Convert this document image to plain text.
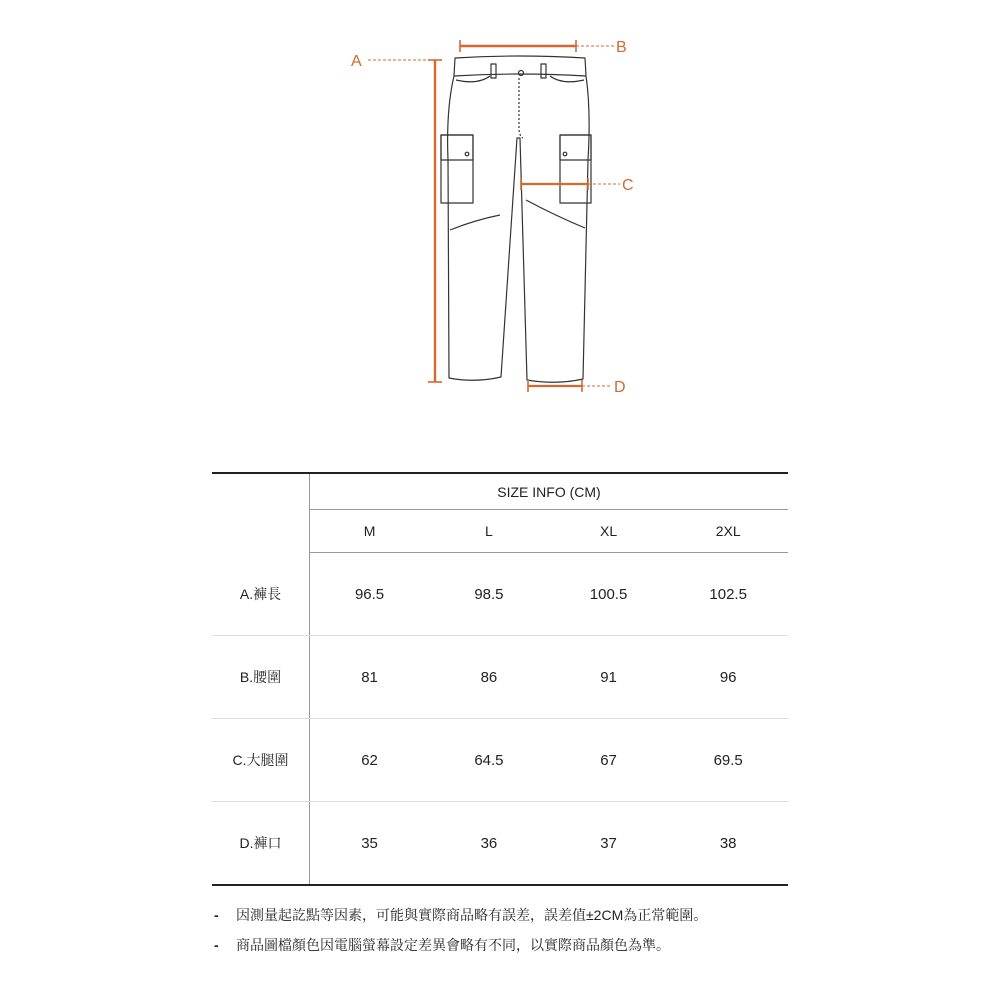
A
B
C
D
	SIZE INFO (CM)			
	M	L	XL	2XL
A.褲長	96.5	98.5	100.5	102.5
B.腰圍	81	86	91	96
C.大腿圍	62	64.5	67	69.5
D.褲口	35	36	37	38
- 因測量起訖點等因素，可能與實際商品略有誤差，誤差值±2CM為正常範圍。
- 商品圖檔顏色因電腦螢幕設定差異會略有不同，以實際商品顏色為準。
